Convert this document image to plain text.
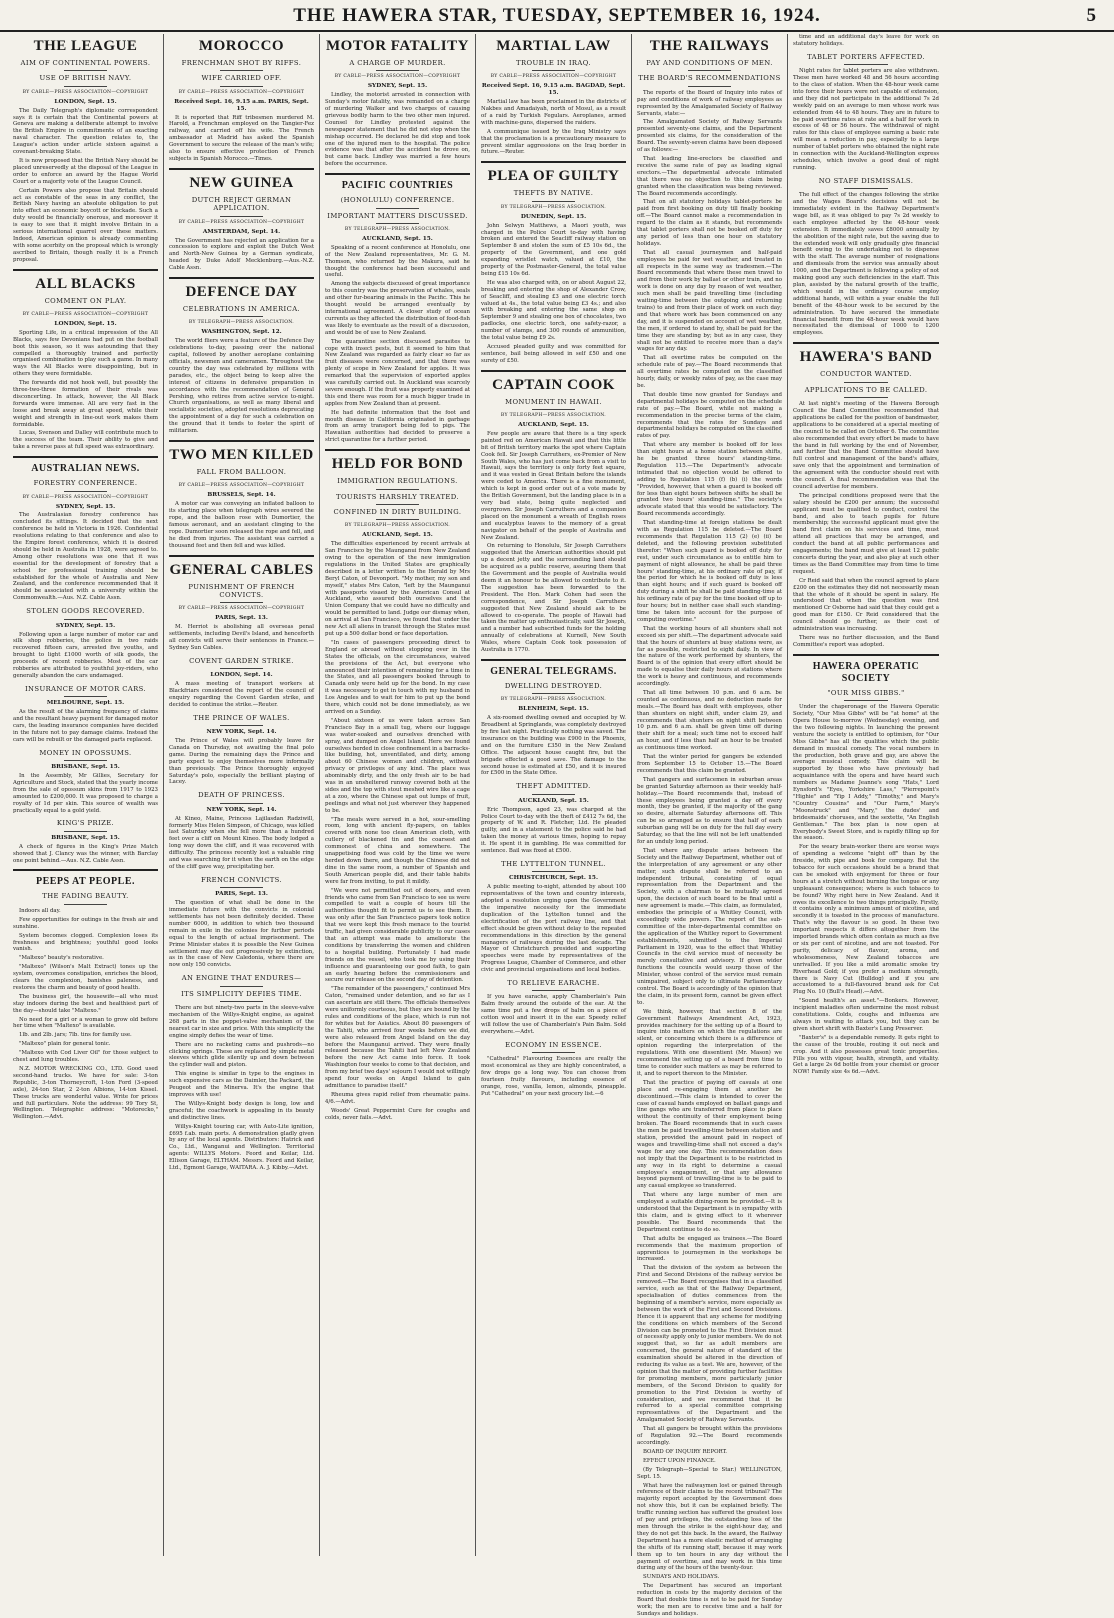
THE HAWERA STAR, TUESDAY, SEPTEMBER 16, 1924.	5
THE LEAGUE
AIM OF CONTINENTAL POWERS.
USE OF BRITISH NAVY.
BY CABLE—PRESS ASSOCIATION—COPYRIGHT
LONDON, Sept. 15.

The Daily Telegraph's diplomatic correspondent says it is certain that the Continental powers at Geneva are making a deliberate attempt to involve the British Empire in commitments of an exacting naval character. The question relates to, the League's action under article sixteen against a covenant-breaking State.

It is now proposed that the British Navy should be placed unreservedly at the disposal of the League in order to enforce an award by the Hague World Court or a majority vote of the League Council.

Certain Powers also propose that Britain should act as constable of the seas in any conflict, the British Navy having an absolute obligation to put into effect an economic boycott or blockade. Such a duty would be financially onerous, and moreover it is easy to see that it might involve Britain in a serious international quarrel over these matters. Indeed, American opinion is already commenting with some acerbity on the proposal which is wrongly ascribed to Britain, though really it is a French proposal.

ALL BLACKS
COMMENT ON PLAY.
BY CABLE—PRESS ASSOCIATION—COPYRIGHT
LONDON, Sept. 15.

Sporting Life, in a critical impression of the All Blacks, says few Devonians had put on the football boot this season, so it was astounding that they compelled a thoroughly trained and perfectly organised combination to play such a game. In many ways the All Blacks were disappointing, but in others they were formidable.

The forwards did not hook well, but possibly the three-two-three formation of their rivals was disconcerting. In attack, however, the All Black forwards were immense. All are very fast in the loose and break away at great speed, while their weight and strength in line-out work makes them formidable.

Lucas, Svenson and Dalley will contribute much to the success of the team. Their ability to give and take a reverse pass at full speed was extraordinary.

AUSTRALIAN NEWS.
FORESTRY CONFERENCE.
BY CABLE—PRESS ASSOCIATION—COPYRIGHT
SYDNEY, Sept. 15.

The Australasian forestry conference has concluded its sittings. It decided that the next conference be held in Victoria in 1926. Confidential resolutions relating to that conference and also to the Empire forest conference, which it is desired should be held in Australia in 1928, were agreed to. Among other resolutions was one that it was essential for the development of forestry that a school for professional training should be established for the whole of Australia and New Zealand, and the conference recommended that it should be associated with a university within the Commonwealth.—Aus. N.Z. Cable Assn.

STOLEN GOODS RECOVERED.
SYDNEY, Sept. 15.

Following upon a large number of motor car and silk shop robberies, the police in two raids recovered fifteen cars, arrested five youths, and brought to light £1000 worth of silk goods, the proceeds of recent robberies. Most of the car robberies are attributed to youthful joy-riders, who generally abandon the cars undamaged.

INSURANCE OF MOTOR CARS.
MELBOURNE, Sept. 15.

As the result of the alarming frequency of claims and the resultant heavy payment for damaged motor cars, the leading insurance companies have decided in the future not to pay damage claims. Instead the cars will be rebuilt or the damaged parts replaced.

MONEY IN OPOSSUMS.
BRISBANE, Sept. 15.

In the Assembly, Mr Gillies, Secretary for Agriculture and Stock, stated that the yearly income from the sale of opossum skins from 1917 to 1923 amounted to £200,000. It was proposed to charge a royalty of 1d per skin. This source of wealth was practically equal to a gold yield.

KING'S PRIZE.
BRISBANE, Sept. 15.

A check of figures in the King's Prize Match showed that J. Clancy was the winner, with Barclay one point behind.—Aus. N.Z. Cable Assn.

PEEPS AT PEOPLE.
THE FADING BEAUTY.

Indoors all day.

Few opportunities for outings in the fresh air and sunshine.

System becomes clogged. Complexion loses its freshness and brightness; youthful good looks vanish.

"Maltexo" beauty's restorative.

"Maltexo" (Wilson's Malt Extract) tones up the system, overcomes constipation, enriches the blood, clears the complexion, banishes paleness, and restores the charm and beauty of good health.

The business girl, the housewife—all who must stay indoors during the best and healthiest part of the day—should take "Maltexo."

No need for a girl or a woman to grow old before her time when "Maltexo" is available.

1lb. and 2lb. jars; 7lb. tins for family use.

"Maltexo" plain for general tonic.

"Maltexo with Cod Liver Oil" for those subject to chest and lung troubles.

N.Z. MOTOR WRECKING CO., LTD. Good used second-hand trucks. We have for sale: 3-ton Republic, 3-ton Thorneycroft, 1-ton Ford (3-speed axle), 24-ton Star, 2 2-ton Albions, 14-ton Kissel. These trucks are wonderful value. Write for prices and full particulars. Note the address: 99 Tory St, Wellington. Telegraphic address: "Motorecko," Wellington.—Advt.

MOROCCO
FRENCHMAN SHOT BY RIFFS.
WIFE CARRIED OFF.
BY CABLE—PRESS ASSOCIATION—COPYRIGHT
Received Sept. 16, 9.15 a.m. PARIS, Sept. 15.

It is reported that Riff tribesmen murdered M. Harold, a Frenchman employed on the Tangier-Fez railway, and carried off his wife. The French ambassador at Madrid has asked the Spanish Government to secure the release of the man's wife; also to ensure effective protection of French subjects in Spanish Morocco.—Times.

NEW GUINEA
DUTCH REJECT GERMAN APPLICATION.
BY CABLE—PRESS ASSOCIATION—COPYRIGHT
AMSTERDAM, Sept. 14.

The Government has rejected an application for a concession to explore and exploit the Dutch West and North-New Guinea by a German syndicate, headed by Duke Adolf Mecklenburg.—Aus.-N.Z. Cable Assn.

DEFENCE DAY
CELEBRATIONS IN AMERICA.
BY TELEGRAPH—PRESS ASSOCIATION.
WASHINGTON, Sept. 12.

The world fliers were a feature of the Defence Day celebrations to-day, passing over the national capital, followed by another aeroplane containing officials, newsmen and cameramen. Throughout the country the day was celebrated by millions with parades, etc., the object being to keep alive the interest of citizens in defensive preparation in accordance with the recommendation of General Pershing, who retires from active service to-night. Church organisations, as well as many liberal and socialistic societies, adopted resolutions deprecating the appointment of a day for such a celebration on the ground that it tends to foster the spirit of militarism.

TWO MEN KILLED
FALL FROM BALLOON.
BY CABLE—PRESS ASSOCIATION—COPYRIGHT
BRUSSELS, Sept. 14.

A motor car was conveying an inflated balloon to its starting place when telegraph wires severed the rope, and the balloon rose with Dumortier, the famous aeronaut, and an assistant clinging to the rope. Dumortier soon released the rope and fell, and he died from injuries. The assistant was carried a thousand feet and then fell and was killed.

GENERAL CABLES
PUNISHMENT OF FRENCH CONVICTS.
BY CABLE—PRESS ASSOCIATION—COPYRIGHT
PARIS, Sept. 13.

M. Herriot is abolishing all overseas penal settlements, including Devil's Island, and henceforth all convicts will serve their sentences in France.—Sydney Sun Cables.

COVENT GARDEN STRIKE.
LONDON, Sept. 14.

A mass meeting of transport workers at Blackfriars considered the report of the council of enquiry regarding the Covent Garden strike, and decided to continue the strike.—Reuter.

THE PRINCE OF WALES.
NEW YORK, Sept. 14.

The Prince of Wales will probably leave for Canada on Thursday, not awaiting the final polo game. During the remaining days the Prince and party expect to enjoy themselves more informally than previously. The Prince thoroughly enjoyed Saturday's polo, especially the brilliant playing of Lacey.

DEATH OF PRINCESS.
NEW YORK, Sept. 14.

At Kineo, Maine, Princess Lajilasdan Radziwill, formerly Miss Helen Simpson, of Chicago, was killed last Saturday when she fell more than a hundred feet over a cliff on Mount Kineo. The body lodged a long way down the cliff, and it was recovered with difficulty. The princess recently lost a valuable ring and was searching for it when the earth on the edge of the cliff gave way, precipitating her.

FRENCH CONVICTS.
PARIS, Sept. 13.

The question of what shall be done in the immediate future with the convicts in colonial settlements has not been definitely decided. These number 6000, in addition to which two thousand remain in exile in the colonies for further periods equal to the length of actual imprisonment. The Prime Minister states it is possible the New Guinea settlement may die out progressively by extinction, as in the case of New Caledonia, where there are now only 150 convicts.

AN ENGINE THAT ENDURES—
ITS SIMPLICITY DEFIES TIME.

There are but ninety-two parts in the sleeve-valve mechanism of the Willys-Knight engine, as against 268 parts in the poppet-valve mechanism of the nearest car in size and price. With this simplicity the engine simply defies the wear of time.

There are no racketing cams and pushrods—no clicking springs. These are replaced by simple metal sleeves which glide silently up and down between the cylinder wall and piston.

This engine is similar in type to the engines in such expensive cars as the Daimler, the Packard, the Peugeot and the Minerva. It's the engine that improves with use!

The Willys-Knight body design is long, low and graceful; the coachwork is appealing in its beauty and distinctive lines.

Willys-Knight touring car, with Auto-Lite ignition, £695 f.ab. main ports. A demonstration gladly given by any of the local agents. Distributors: Hatrick and Co., Ltd., Wanganui and Wellington. Territorial agents: WILLYS Motors. Feord and Keilar, Ltd. Ellison Garage, ELTHAM. Messrs. Feord and Keilar, Ltd., Egmont Garage, WAITARA. A. J. Kibby.—Advt.

MOTOR FATALITY
A CHARGE OF MURDER.
BY CABLE—PRESS ASSOCIATION—COPYRIGHT
SYDNEY, Sept. 15.

Lindley, the motorist arrested in connection with Sunday's motor fatality, was remanded on a charge of murdering Walker and two charges of causing grievous bodily harm to the two other men injured. Counsel for Lindley protested against the newspaper statement that he did not stop when the mishap occurred. He declared he did stop and took one of the injured men to the hospital. The police evidence was that after the accident he drove on, but came back. Lindley was married a few hours before the occurrence.

PACIFIC COUNTRIES
(HONOLULU) CONFERENCE.
IMPORTANT MATTERS DISCUSSED.
BY TELEGRAPH—PRESS ASSOCIATION.
AUCKLAND, Sept. 15.

Speaking of a recent conference at Honolulu, one of the New Zealand representatives, Mr. G. M. Thomson, who returned by the Makura, said he thought the conference had been successful and useful.

Among the subjects discussed of great importance to this country was the preservation of whales, seals and other fur-bearing animals in the Pacific. This he thought would be arranged eventually by international agreement. A closer study of ocean currents as they affected the distribution of food-fish was likely to eventuate as the result of a discussion, and would be of use to New Zealand.

The quarantine section discussed parasites to cope with insect pests, but it seemed to him that New Zealand was regarded as fairly clear so far as fruit diseases were concerned, and that there was plenty of scope in New Zealand for apples. It was remarked that the supervision of exported apples was carefully carried out. In Auckland was scarcely severe enough. If the fruit was properly examined at this end there was room for a much bigger trade in apples from New Zealand than at present.

He had definite information that the foot and mouth disease in California originated in garbage from an army transport being fed to pigs. The Hawaiian authorities had decided to preserve a strict quarantine for a further period.

HELD FOR BOND
IMMIGRATION REGULATIONS.
TOURISTS HARSHLY TREATED.
CONFINED IN DIRTY BUILDING.
BY TELEGRAPH—PRESS ASSOCIATION.
AUCKLAND, Sept. 15.

The difficulties experienced by recent arrivals at San Francisco by the Maunganui from New Zealand owing to the operation of the new immigration regulations in the United States are graphically described in a letter written to the Herald by Mrs Beryl Caton, of Devonport. "My mother, my son and myself," states Mrs Caton, "left by the Maunganui with passports visaed by the American Consul at Auckland, who assured both ourselves and the Union Company that we could have no difficulty and would be permitted to land. Judge our dismay when, on arrival at San Francisco, we found that under the new Act all aliens in transit through the States must put up a 500 dollar bond or face deportation.

"In cases of passengers proceeding direct to England or abroad without stopping over in the States the officials, on the circumstances, waived the provisions of the Act, but everyone who announced their intention of remaining for a time in the States, and all passengers booked through to Canada only were held up for the bond. In my case it was necessary to get in touch with my husband in Los Angeles and to wait for him to put up the bond there, which could not be done immediately, as we arrived on a Sunday.

"About sixteen of us were taken across San Francisco Bay in a small tug, where our luggage was water-soaked and ourselves drenched with spray, and dumped on Angel Island. Here we found ourselves herded in close confinement in a barracks-like building, hot, unventilated, and dirty, among about 60 Chinese women and children, without privacy or privileges of any kind. The place was abominably dirty, and the only fresh air to be had was in an unsheltered runway covered both at the sides and the top with stout meshed wire like a cage at a zoo, where the Chinese spat out lumps of fruit, peelings and what not just wherever they happened to be.

"The meals were served in a hot, sour-smelling room, long with ancient fly-papers, on tables covered with none too clean American cloth, with cutlery of blackened tin and the coarsest and commonest of china and somewhere. The unappetising food was cold by the time we were herded down there, and though the Chinese did not dine in the same room, a number of Spanish and South American people did, and their table habits were far from inviting, to put it mildly.

"We were not permitted out of doors, and even friends who came from San Francisco to see us were compelled to wait a couple of hours till the authorities thought fit to permit us to see them. It was only after the San Francisco papers took notice that we were kept this fresh menace to the tourist traffic, had given considerable publicity to our cases that an attempt was made to ameliorate the conditions by transferring the women and children to a hospital building. Fortunately I had made friends on the vessel, who took me by using their influence and guaranteeing our good faith, to gain an early hearing before the commissioners and secure our release on the second day of detention.

"The remainder of the passengers," continued Mrs Caton, "remained under detention, and so far as I can ascertain are still there. The officials themselves were uniformly courteous, but they are bound by the rules and conditions of the place, which is run not for whites but for Asiatics. About 80 passengers of the Tahiti, who arrived four weeks before we did, were also released from Angel Island on the day before the Maunganui arrived. They were finally released because the Tahiti had left New Zealand before the new Act came into force. It took Washington four weeks to come to that decision, and from my brief two days' sojourn I would not willingly spend four weeks on Angel Island to gain admittance to paradise itself."

Rheuma gives rapid relief from rheumatic pains. 4/6.—Advt.

Woods' Great Peppermint Cure for coughs and colds, never fails.—Advt.

MARTIAL LAW
TROUBLE IN IRAQ.
BY CABLE—PRESS ASSOCIATION—COPYRIGHT
Received Sept. 16, 9.15 a.m. BAGDAD, Sept. 15.

Martial law has been proclaimed in the districts of Nakbes and Amadaiyah, north of Mosul, as a result of a raid by Turkish Fegulars. Aeroplanes, armed with machine-guns, dispersed the raiders.

A communique issued by the Iraq Ministry says that the proclamation is a precautionary measure to prevent similar aggressions on the Iraq border in future.—Reuter.

PLEA OF GUILTY
THEFTS BY NATIVE.
BY TELEGRAPH—PRESS ASSOCIATION.
DUNEDIN, Sept. 15.

John Selwyn Matthews, a Maori youth, was charged in the Police Court to-day with having broken and entered the Seacliff railway station on September 8 and stolen the sum of £5 10s 6d., the property of the Government, and one gold expanding wristlet watch, valued at £10, the property of the Postmaster-General, the total value being £15 10s 6d.

He was also charged with, on or about August 22, breaking and entering the shop of Alexander Crow, of Seacliff, and stealing £3 and one electric torch valued at 4s., the total value being £3 4s.; and also with breaking and entering the same shop on September 9 and stealing one box of chocolates, two padlocks, one electric torch, one safety-razor, a number of stamps, and 300 rounds of ammunition, the total value being £9 2s.

Accused pleaded guilty and was committed for sentence, bail being allowed in self £50 and one surety of £50.

CAPTAIN COOK
MONUMENT IN HAWAII.
BY TELEGRAPH—PRESS ASSOCIATION.
AUCKLAND, Sept. 15.

Few people are aware that there is a tiny speck painted red on American Hawaii and that this little bit of British territory marks the spot where Captain Cook fell. Sir Joseph Carruthers, ex-Premier of New South Wales, who has just come back from a visit to Hawaii, says the territory is only forty feet square, and it was vested in Great Britain before the islands were ceded to America. There is a fine monument, which is kept in good order out of a vote made by the British Government, but the landing place is in a very bad state, being quite neglected and overgrown. Sir Joseph Carruthers and a companion placed on the monument a wreath of English roses and eucalyptus leaves to the memory of a great navigator on behalf of the people of Australia and New Zealand.

On returning to Honolulu, Sir Joseph Carruthers suggested that the American authorities should put up a decent jetty and the surrounding land should be acquired as a public reserve, assuring them that the Government and the people of Australia would deem it an honour to be allowed to contribute to it. The suggestion has been forwarded to the President. The Hon. Mark Cohen had seen the correspondence, and Sir Joseph Carruthers suggested that New Zealand should ask to be allowed to co-operate. The people of Hawaii had taken the matter up enthusiastically, said Sir Joseph, and a number had subscribed funds for the holding annually of celebrations at Kurnell, New South Wales, where Captain Cook took possession of Australia in 1770.

GENERAL TELEGRAMS.
DWELLING DESTROYED.
BY TELEGRAPH—PRESS ASSOCIATION.
BLENHEIM, Sept. 15.

A six-roomed dwelling owned and occupied by W. Broadbent at Springlands, was completely destroyed by fire last night. Practically nothing was saved. The insurance on the building was £900 in the Phoenix, and on the furniture £350 in the New Zealand Office. The adjacent house caught fire, but the brigade effected a good save. The damage to the second house is estimated at £50, and it is insured for £500 in the State Office.

THEFT ADMITTED.
AUCKLAND, Sept. 15.

Eric Thompson, aged 23, was charged at the Police Court to-day with the theft of £412 7s 6d, the property of W. and R. Fletcher, Ltd. He pleaded guilty, and in a statement to the police said he had taken the money at various times, hoping to repay it. He spent it in gambling. He was committed for sentence. Bail was fixed at £500.

THE LYTTELTON TUNNEL.
CHRISTCHURCH, Sept. 15.

A public meeting to-night, attended by about 100 representatives of the town and country interests, adopted a resolution urging upon the Government the imperative necessity for the immediate duplication of the Lyttelton tunnel and the electrification of the port railway line, and that effect should be given without delay to the repeated recommendations in this direction by the general managers of railways during the last decade. The Mayor of Christchurch presided and supporting speeches were made by representatives of the Progress League, Chamber of Commerce, and other civic and provincial organisations and local bodies.

TO RELIEVE EARACHE.

If you have earache, apply Chamberlain's Pain Balm freely around the outside of the ear. At the same time put a few drops of balm on a piece of cotton wool and insert it in the ear. Speedy relief will follow the use of Chamberlain's Pain Balm. Sold everywhere.—Advt.

ECONOMY IN ESSENCE.

"Cathedral" Flavouring Essences are really the most economical as they are highly concentrated, a few drops go a long way. You can choose from fourteen fruity flavours, including essence of orange, rose, vanilla, lemon, almonds, pineapple. Put "Cathedral" on your next grocery list.—6

THE RAILWAYS
PAY AND CONDITIONS OF MEN.
THE BOARD'S RECOMMENDATIONS

The reports of the Board of Inquiry into rates of pay and conditions of work of railway employees as represented by the Amalgamated Society of Railway Servants, state:—

The Amalgamated Society of Railway Servants presented seventy-one claims, and the Department presented six claims, for the consideration of the Board. The seventy-seven claims have been disposed of as follows:—

That leading line-erectors be classified and receive the same rate of pay as leading signal erectors.—The departmental advocate intimated that there was no objection to this claim being granted when the classification was being reviewed. The Board recommends accordingly.

That on all statutory holidays tablet-porters be paid from first booking on duty till finally booking off.—The Board cannot make a recommendation in regard to the claim as it stands, but recommends that tablet porters shall not be booked off duty for any period of less than one hour on statutory holidays.

That all casual journeymen and half-paid employees be paid for wet weather, and treated in all respects in the same way as tradesmen.—The Board recommends that where these men travel to and from their work by ballast or other train, and no work is done on any day by reason of wet weather, such men shall be paid travelling time (including waiting-time between the outgoing and returning trains) to and from their place of work on such day; and that where work has been commenced on any day, and it is suspended on account of wet weather, the men, if ordered to stand by, shall be paid for the time they are standing by; but as in any case, they shall not be entitled to receive more than a day's wages for any day.

That all overtime rates be computed on the schedule rate of pay.—The Board recommends that all overtime rates be computed on the classified hourly, daily, or weekly rates of pay, as the case may be.

That double time now granted for Sundays and departmental holidays be computed on the schedule rate of pay.—The Board, while not making a recommendation in the precise terms of the claim, recommends that the rates for Sundays and departmental holidays be computed on the classified rates of pay.

That where any member is booked off for less than eight hours at a home station between shifts, he be granted three hours' standing-time. Regulation 115.—The Department's advocate intimated that no objection would be offered to adding to Regulation 115 (f) (b) (i) the words "Provided, however, that when a guard is booked off for less than eight hours between shifts he shall be granted two hours' standing-time." The society's advocate stated that this would be satisfactory. The Board recommends accordingly.

That standing-time at foreign stations be dealt with as Regulation 115 be deleted.—The Board recommends that Regulation 115 (2) (e) (ii) be deleted, and the following provision substituted therefor: "When such guard is booked off duty for rest, under such circumstance as to entitle him to payment of night allowance, he shall be paid three hours' standing-time, at his ordinary rate of pay, if the period for which he is booked off duty is less than eight hours; and if such guard is booked off duty during a shift he shall be paid standing-time at his ordinary rate of pay for the time booked off up to four hours; but in neither case shall such standing-time be taken into account for the purpose of computing overtime."

That the working hours of all shunters shall not exceed six per shift.—The department advocate said that the hours of shunters at busy stations were, as far as possible, restricted to eight daily. In view of the nature of the work performed by shunters, the Board is of the opinion that every effort should be made to equalise their daily hours at stations where the work is heavy and continuous, and recommends accordingly.

That all time between 10 p.m. and 6 a.m. be counted as continuous, and no deduction made for meals.—The Board has dealt with employees, other than shunters on night shift, under claim 29, and recommends that shunters on night shift between 10 p.m. and 6 a.m. shall be given time off during their shift for a meal; such time not to exceed half an hour, and if less than half an hour to be treated as continuous time worked.

That the winter period for gangers be extended from September 15 to October 15.—The Board recommends that this claim be granted.

That gangers and surfacemen in suburban areas be granted Saturday afternoon as their weekly half-holiday.—The Board recommends that, instead of these employees being granted a day off every month, they be granted, if the majority of the gang so desire, alternate Saturday afternoons off. This can be so arranged as to ensure that half of each suburban gang will be on duty for the full day every Saturday, so that the line will not be left unattended for an unduly long period.

That where any dispute arises between the Society and the Railway Department, whether out of the interpretation of any agreement or any other matter, such dispute shall be referred to an independent tribunal, consisting of equal representation from the Department and the Society, with a chairman to be mutually agreed upon, the decision of such board to be final until a new agreement is made.—This claim, as formulated, embodies the principle of a Whitley Council, with exceedingly wide powers. The report of the sub-committee of the inter-departmental committee on the application of the Whitley report to Government establishments, submitted to the Imperial Parliament in 1920, was to the effect that Whitley Councils in the civil service must of necessity be merely consultative and advisory. If given wider functions the councils would usurp those of the Minister, whose control of the service must remain unimpaired, subject only to ultimate Parliamentary control. The Board is accordingly of the opinion that the claim, in its present form, cannot be given effect to.

We think, however, that section 8 of the Government Railways Amendment Act, 1923, provides machinery for the setting up of a Board to inquire into matters on which the regulations are silent, or concerning which there is a difference of opinion regarding the interpretation of the regulations. With one dissentient (Mr. Mason) we recommend the setting up of a board from time to time to consider such matters as may be referred to it, and to report thereon to the Minister.

That the practice of paying off casuals at one place and re-engaging them at another be discontinued.—This claim is intended to cover the case of casual hands employed on ballast gangs and line gangs who are transferred from place to place without the continuity of their employment being broken. The Board recommends that in such cases the men be paid travelling-time between station and station, provided the amount paid in respect of wages and travelling-time shall not exceed a day's wage for any one day. This recommendation does not imply that the Department is to be restricted in any way in its right to determine a casual employee's engagement, or that any allowance beyond payment of travelling-time is to be paid to any casual employee so transferred.

That where any large number of men are employed a suitable dining-room be provided.—It is understood that the Department is in sympathy with this claim, and is giving effect to it wherever possible. The Board recommends that the Department continue to do so.

That adults be engaged as trainees.—The Board recommends that the maximum proportion of apprentices to journeymen in the workshops be increased.

That the division of the system as between the First and Second Divisions of the railway service be removed.—The Board recognises that in a classified service, such as that of the Railway Department, specialisation of duties commences from the beginning of a member's service, more especially as between the work of the First and Second Divisions. Hence it is apparent that any scheme for modifying the conditions on which members of the Second Division can be promoted to the First Division must of necessity apply only to junior members. We do not suggest that, so far as adult members are concerned, the general nature of standard of the examination should be altered in the direction of reducing its value as a test. We are, however, of the opinion that the matter of providing further facilities for promoting members, more particularly junior members, of the Second Division to qualify for promotion to the First Division is worthy of consideration, and we recommend that it be referred to a special committee comprising representatives of the Department and the Amalgamated Society of Railway Servants.

That all gangers be brought within the provisions of Regulation 92.—The Board recommends accordingly.

BOARD OF INQUIRY REPORT.

EFFECT UPON FINANCE.

(By Telegraph—Special to Star.) WELLINGTON, Sept. 15.

What have the railwaymen lost or gained through reference of their claims to the recent tribunal? The majority report accepted by the Government does not show this, but it can be explained briefly. The traffic running section has suffered the greatest loss of pay and privileges, the outstanding loss of the men through the strike is the eight-hour day, and they do not get this back. In the award, the Railway Department has a more elastic method of arranging the shifts of its running staff, because it may work them up to ten hours in any day without the payment of overtime, and may work in this time during any of the hours of the twenty-four.

SUNDAYS AND HOLIDAYS.

The Department has secured an important reduction in costs by the majority decision of the Board that double time is not to be paid for Sunday work; the men are to receive time and a half for Sundays and holidays.

time and an additional day's leave for work on statutory holidays.

TABLET PORTERS AFFECTED.

Night rates for tablet porters are also withdrawn. These men have worked 48 and 56 hours according to the class of station. When the 48-hour week came into force their hours were not capable of extension, and they did not participate in the additional 7s 2d weekly paid on an average to men whose work was extended from 44 to 48 hours. They are in future to be paid overtime rates at rate and a half for work in excess of 48 or 56 hours. The withdrawal of night rates for this class of employee earning a basic rate will mean a reduction in pay, especially to a large number of tablet porters who obtained the night rate in connection with the Auckland-Wellington express schedules, which involve a good deal of night running.

NO STAFF DISMISSALS.

The full effect of the changes following the strike and the Wages Board's decisions will not be immediately evident in the Railway Department's wage bill, as it was obliged to pay 7s 2d weekly to each employee affected by the 48-hour week extension. It immediately saves £8000 annually by the abolition of the night rate, but the saving due to the extended week will only gradually give financial benefit owing to the undertaking not to dispense with the staff. The average number of resignations and dismissals from the service was annually about 1000, and the Department is following a policy of not making good any such deficiencies in the staff. This plan, assisted by the natural growth of the traffic, which would in the ordinary course employ additional hands, will within a year enable the full benefit of the 48-hour week to be secured by the administration. To have secured the immediate financial benefit from the 48-hour week would have necessitated the dismissal of 1000 to 1200 employees.

HAWERA'S BAND
CONDUCTOR WANTED.
APPLICATIONS TO BE CALLED.

At last night's meeting of the Hawera Borough Council the Band Committee recommended that applications be called for the position of bandmaster, applications to be considered at a special meeting of the council to be called on October 6. The committee also recommended that every effort be made to have the band in full working by the end of November, and further that the Band Committee should have full control and management of the band's affairs, save only that the appointment and termination of the agreement with the conductor should rest with the council. A final recommendation was that the council advertise for members.

The principal conditions proposed were that the salary should be £200 per annum; the successful applicant must be qualified to conduct, control the band, and also to teach pupils for future membership; the successful applicant must give the band first claim on his services and time, must attend all practices that may be arranged, and conduct the band at all public performances and engagements; the band must give at least 12 public concerts during the year, and also play at such other times as the Band Committee may from time to time request.

Cr Reid said that when the council agreed to place £200 on the estimates they did not necessarily mean that the whole of it should be spent in salary. He understood that when the question was first mentioned Cr Osborne had said that they could get a good man for £150. Cr Reid considered that the council should go further, as their cost of administration was increasing.

There was no further discussion, and the Band Committee's report was adopted.

HAWERA OPERATIC SOCIETY
"OUR MISS GIBBS."

Under the chaperonage of the Hawera Operatic Society, "Our Miss Gibbs" will be "at home" at the Opera House to-morrow (Wednesday) evening, and the two following nights. In launching the present venture the society is entitled to optimism, for "Our Miss Gibbs" has all the qualities which the public demand in musical comedy. The vocal numbers in the production, both grave and gay, are above the average musical comedy. This claim will be supported by those who have previously had acquaintance with the opera and have heard such numbers as Madame Jeanne's song "Hats," Lord Eynsford's "Eyes, Yorkshire Lass," "Pierrepoint's "Highie" and "Yip I Addy," "Timothy," and Mary's "Country Cousins" and "Our Farm," Mary's "Moonstruck" and "Mary," the dudes' and bridesmaids' choruses, and the sextette, "An English Gentleman." The box plan is now open at Everybody's Sweet Store, and is rapidly filling up for the season.

For the weary brain-worker there are worse ways of spending a welcome "night off" than by the fireside, with pipe and book for company. But the tobacco for such occasions should be a brand that can be smoked with enjoyment for three or four hours at a stretch without burning the tongue or any unpleasant consequence; where is such tobacco to be found? Why right here in New Zealand. And it owes its excellence to two things principally. Firstly, it contains only a minimum amount of nicotine, and secondly it is toasted in the process of manufacture. That's why the flavour is so good. In these two important respects it differs altogether from the imported brands which often contain as much as five or six per cent of nicotine, and are not toasted. For purity, delicacy of flavour, aroma, and wholesomeness, New Zealand tobaccos are unrivalled. If you like a mild aromatic smoke try Riverhead Gold; if you prefer a medium strength, there is Navy Cut (Bulldog) and if you are accustomed to a full-flavoured brand ask for Cut Plug No. 10 (Bull's Head).—Advt.

"Sound health's an asset."—Bonkers. However, incipient maladies often undermine the most robust constitutions. Colds, coughs and influenza are always in waiting to attack you, but they can be given short shrift with Baxter's Lung Preserver.

"Baxter's" is a dependable remedy. It gets right to the cause of the trouble, routing it out neck and crop. And it also possesses great tonic properties. Fills you with vigour, health, strength, and vitality. Get a large 2s 6d bottle from your chemist or grocer NOW! Family size 4s 6d.—Advt.
